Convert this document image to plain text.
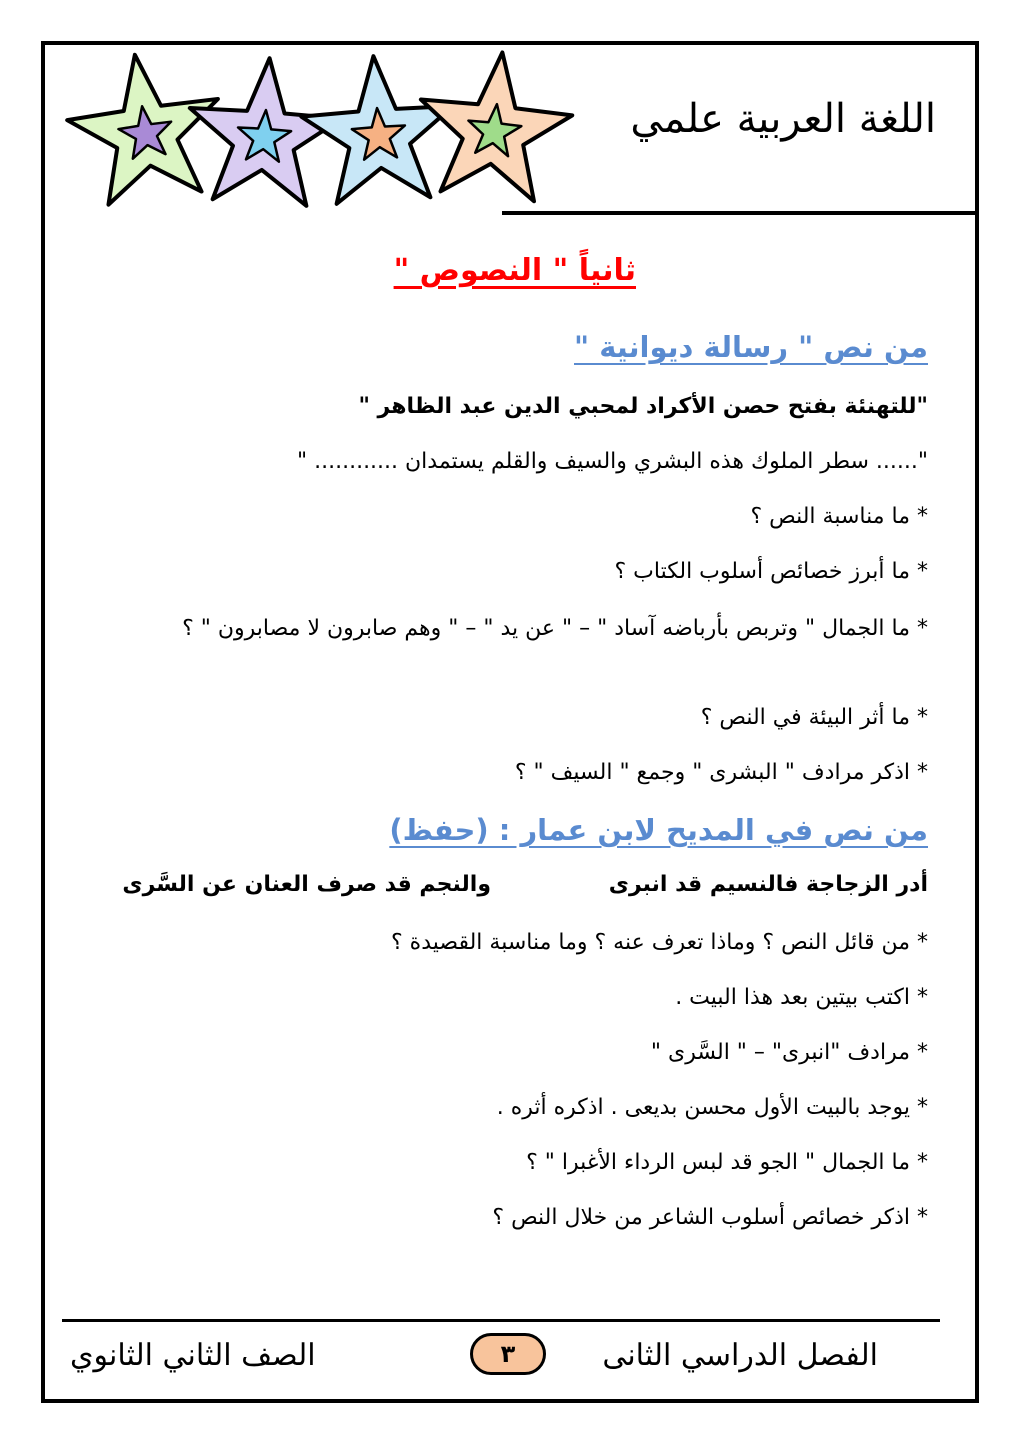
اللغة العربية علمي
ثانياً " النصوص "
من نص " رسالة ديوانية "
"للتهنئة بفتح حصن الأكراد لمحبي الدين عبد الظاهر "
"...... سطر الملوك هذه البشري والسيف والقلم يستمدان ............ "
* ما مناسبة النص ؟
* ما أبرز خصائص أسلوب الكتاب ؟
* ما الجمال " وتربص بأرباضه آساد " – " عن يد " – " وهم صابرون لا مصابرون " ؟
* ما أثر البيئة في النص ؟
* اذكر مرادف " البشرى " وجمع " السيف " ؟
من نص في المديح لابن عمار : (حفظ)
أدر الزجاجة فالنسيم قد انبرى
والنجم قد صرف العنان عن السَّرى
* من قائل النص ؟ وماذا تعرف عنه ؟ وما مناسبة القصيدة ؟
* اكتب بيتين بعد هذا البيت .
* مرادف "انبرى" – " السَّرى "
* يوجد بالبيت الأول محسن بديعى . اذكره أثره .
* ما الجمال " الجو قد لبس الرداء الأغبرا " ؟
* اذكر خصائص أسلوب الشاعر من خلال النص ؟
الصف الثاني الثانوي	٣	الفصل الدراسي الثانى
